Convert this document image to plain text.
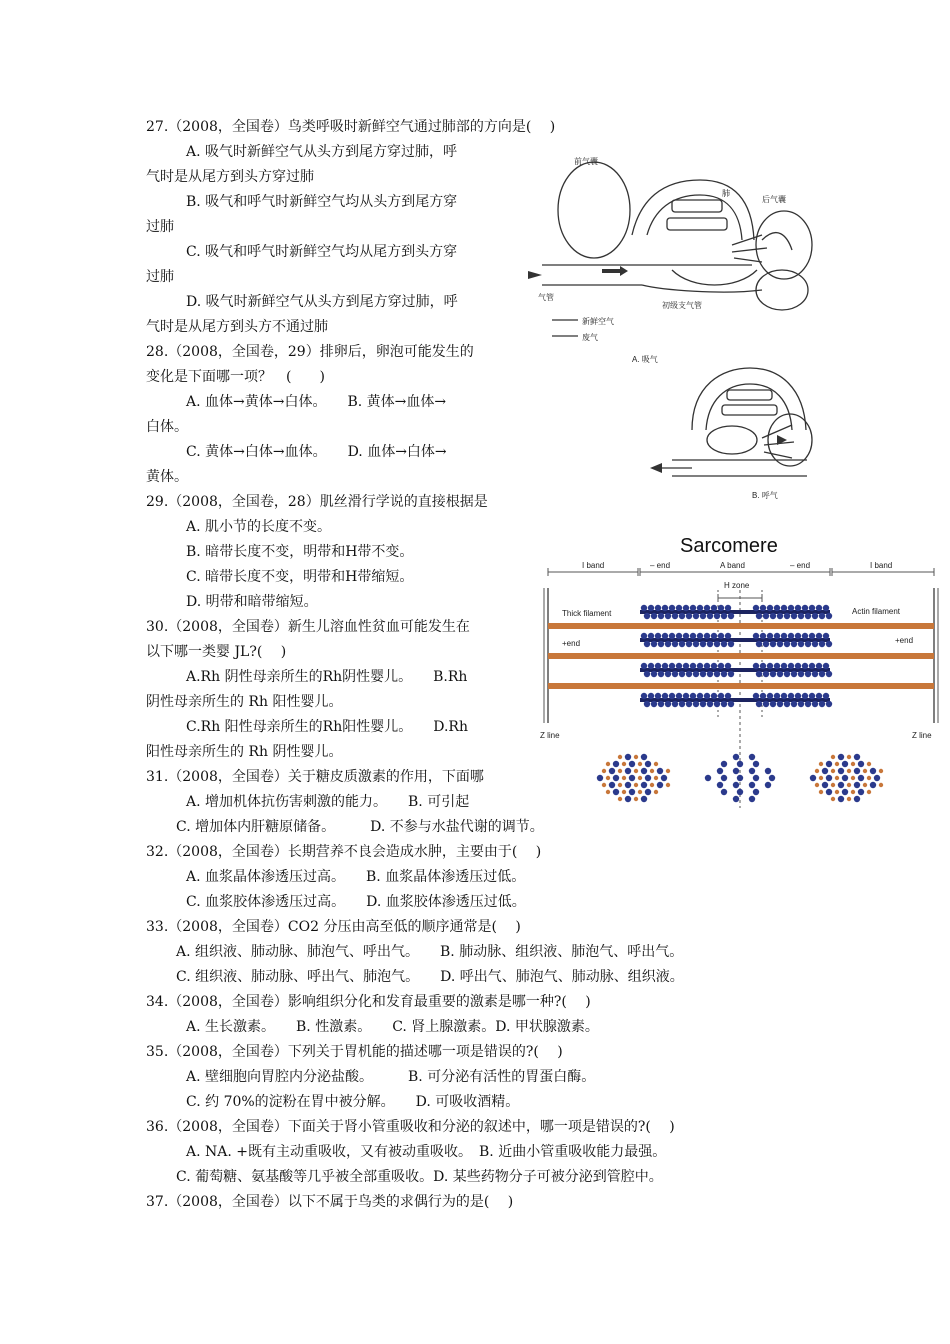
27.（2008，全国卷）鸟类呼吸时新鲜空气通过肺部的方向是(　 )
A. 吸气时新鲜空气从头方到尾方穿过肺，呼
气时是从尾方到头方穿过肺
B. 吸气和呼气时新鲜空气均从头方到尾方穿
过肺
C. 吸气和呼气时新鲜空气均从尾方到头方穿
过肺
D. 吸气时新鲜空气从头方到尾方穿过肺，呼
气时是从尾方到头方不通过肺
28.（2008，全国卷，29）排卵后，卵泡可能发生的
变化是下面哪一项？　(　　)
A. 血体→黄体→白体。　　B. 黄体→血体→
白体。
C. 黄体→白体→血体。　　D. 血体→白体→
黄体。
29.（2008，全国卷，28）肌丝滑行学说的直接根据是
A. 肌小节的长度不变。
B. 暗带长度不变，明带和H带不变。
C. 暗带长度不变，明带和H带缩短。
D. 明带和暗带缩短。
30.（2008，全国卷）新生儿溶血性贫血可能发生在
以下哪一类婴 JL?(　 )
A.Rh 阴性母亲所生的Rh阴性婴儿。　　B.Rh
阴性母亲所生的 Rh 阳性婴儿。
C.Rh 阳性母亲所生的Rh阳性婴儿。　　D.Rh
阳性母亲所生的 Rh 阴性婴儿。
31.（2008，全国卷）关于糖皮质激素的作用，下面哪
A. 增加机体抗伤害刺激的能力。　　B. 可引起
C. 增加体内肝糖原储备。　　　D. 不参与水盐代谢的调节。
32.（2008，全国卷）长期营养不良会造成水肿，主要由于(　 )
A. 血浆晶体渗透压过高。　　B. 血浆晶体渗透压过低。
C. 血浆胶体渗透压过高。　　D. 血浆胶体渗透压过低。
33.（2008，全国卷）CO2 分压由高至低的顺序通常是(　 )
A. 组织液、肺动脉、肺泡气、呼出气。　　B. 肺动脉、组织液、肺泡气、呼出气。
C. 组织液、肺动脉、呼出气、肺泡气。　　D. 呼出气、肺泡气、肺动脉、组织液。
34.（2008，全国卷）影响组织分化和发育最重要的激素是哪一种?(　 )
A. 生长激素。　　B. 性激素。　　C. 肾上腺激素。D. 甲状腺激素。
35.（2008，全国卷）下列关于胃机能的描述哪一项是错误的?(　 )
A. 壁细胞向胃腔内分泌盐酸。　　　B. 可分泌有活性的胃蛋白酶。
C. 约 70%的淀粉在胃中被分解。　　D. 可吸收酒精。
36.（2008，全国卷）下面关于肾小管重吸收和分泌的叙述中，哪一项是错误的?(　 )
A. NA. +既有主动重吸收，又有被动重吸收。　B. 近曲小管重吸收能力最强。
C. 葡萄糖、氨基酸等几乎被全部重吸收。D. 某些药物分子可被分泌到管腔中。
37.（2008，全国卷）以下不属于鸟类的求偶行为的是(　 )
前气囊
肺
后气囊
气管
初级支气管
新鲜空气
废气
A. 吸气
B. 呼气
Sarcomere
I band	A band	I band
– end	– end
H zone
Thick filament	Actin filament
+end	+end
Z line	Z line
